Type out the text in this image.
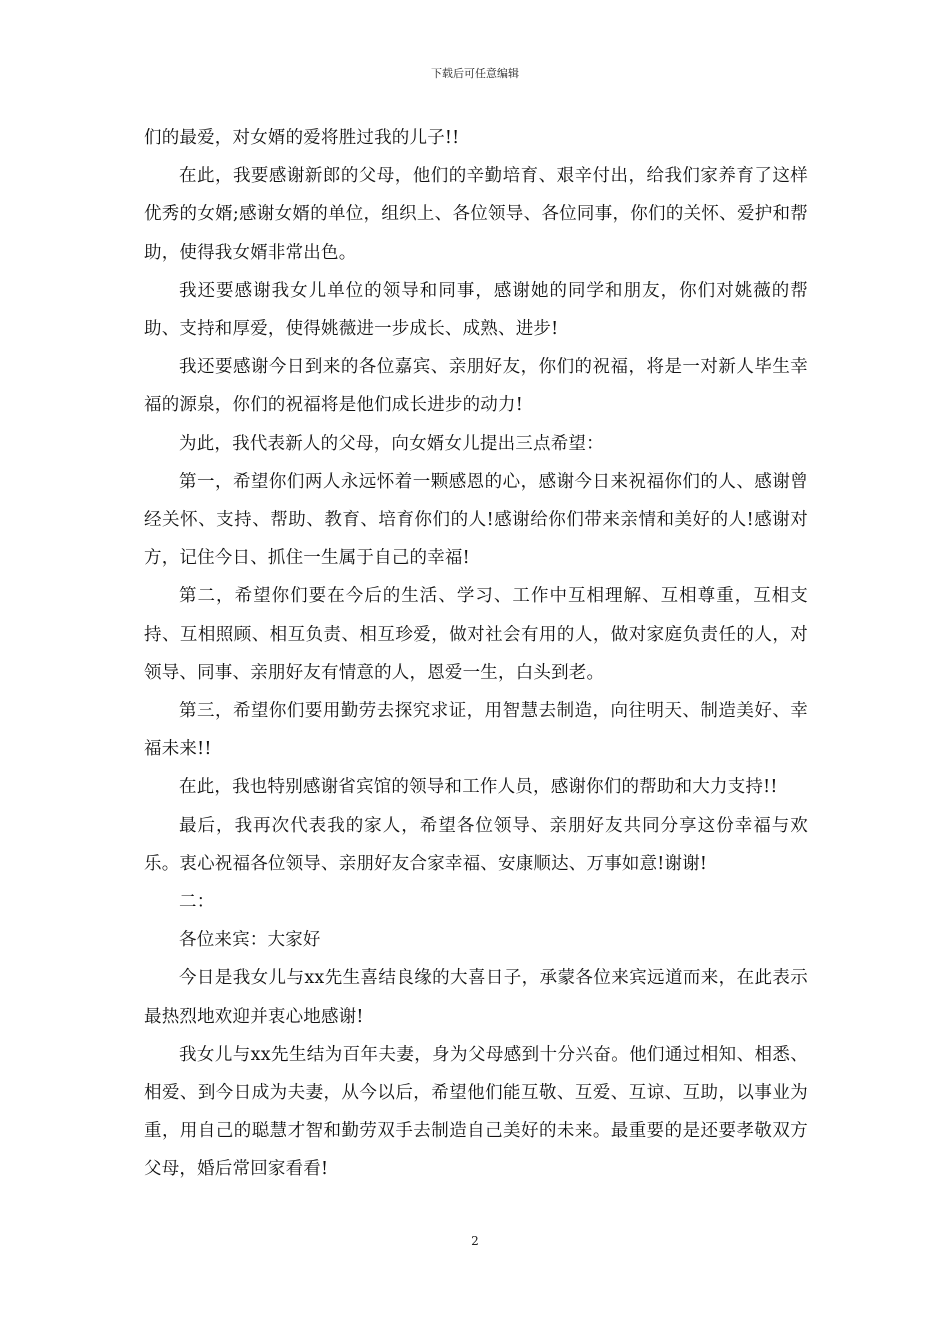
下载后可任意编辑

们的最爱，对女婿的爱将胜过我的儿子!!

在此，我要感谢新郎的父母，他们的辛勤培育、艰辛付出，给我们家养育了这样优秀的女婿;感谢女婿的单位，组织上、各位领导、各位同事，你们的关怀、爱护和帮助，使得我女婿非常出色。

我还要感谢我女儿单位的领导和同事，感谢她的同学和朋友，你们对姚薇的帮助、支持和厚爱，使得姚薇进一步成长、成熟、进步!

我还要感谢今日到来的各位嘉宾、亲朋好友，你们的祝福，将是一对新人毕生幸福的源泉，你们的祝福将是他们成长进步的动力!

为此，我代表新人的父母，向女婿女儿提出三点希望：

第一，希望你们两人永远怀着一颗感恩的心，感谢今日来祝福你们的人、感谢曾经关怀、支持、帮助、教育、培育你们的人!感谢给你们带来亲情和美好的人!感谢对方，记住今日、抓住一生属于自己的幸福!

第二，希望你们要在今后的生活、学习、工作中互相理解、互相尊重，互相支持、互相照顾、相互负责、相互珍爱，做对社会有用的人，做对家庭负责任的人，对领导、同事、亲朋好友有情意的人，恩爱一生，白头到老。

第三，希望你们要用勤劳去探究求证，用智慧去制造，向往明天、制造美好、幸福未来!!

在此，我也特别感谢省宾馆的领导和工作人员，感谢你们的帮助和大力支持!!

最后，我再次代表我的家人，希望各位领导、亲朋好友共同分享这份幸福与欢乐。衷心祝福各位领导、亲朋好友合家幸福、安康顺达、万事如意!谢谢!

二：

各位来宾：大家好

今日是我女儿与xx先生喜结良缘的大喜日子，承蒙各位来宾远道而来，在此表示最热烈地欢迎并衷心地感谢!

我女儿与xx先生结为百年夫妻，身为父母感到十分兴奋。他们通过相知、相悉、相爱、到今日成为夫妻，从今以后，希望他们能互敬、互爱、互谅、互助，以事业为重，用自己的聪慧才智和勤劳双手去制造自己美好的未来。最重要的是还要孝敬双方父母，婚后常回家看看!

2
